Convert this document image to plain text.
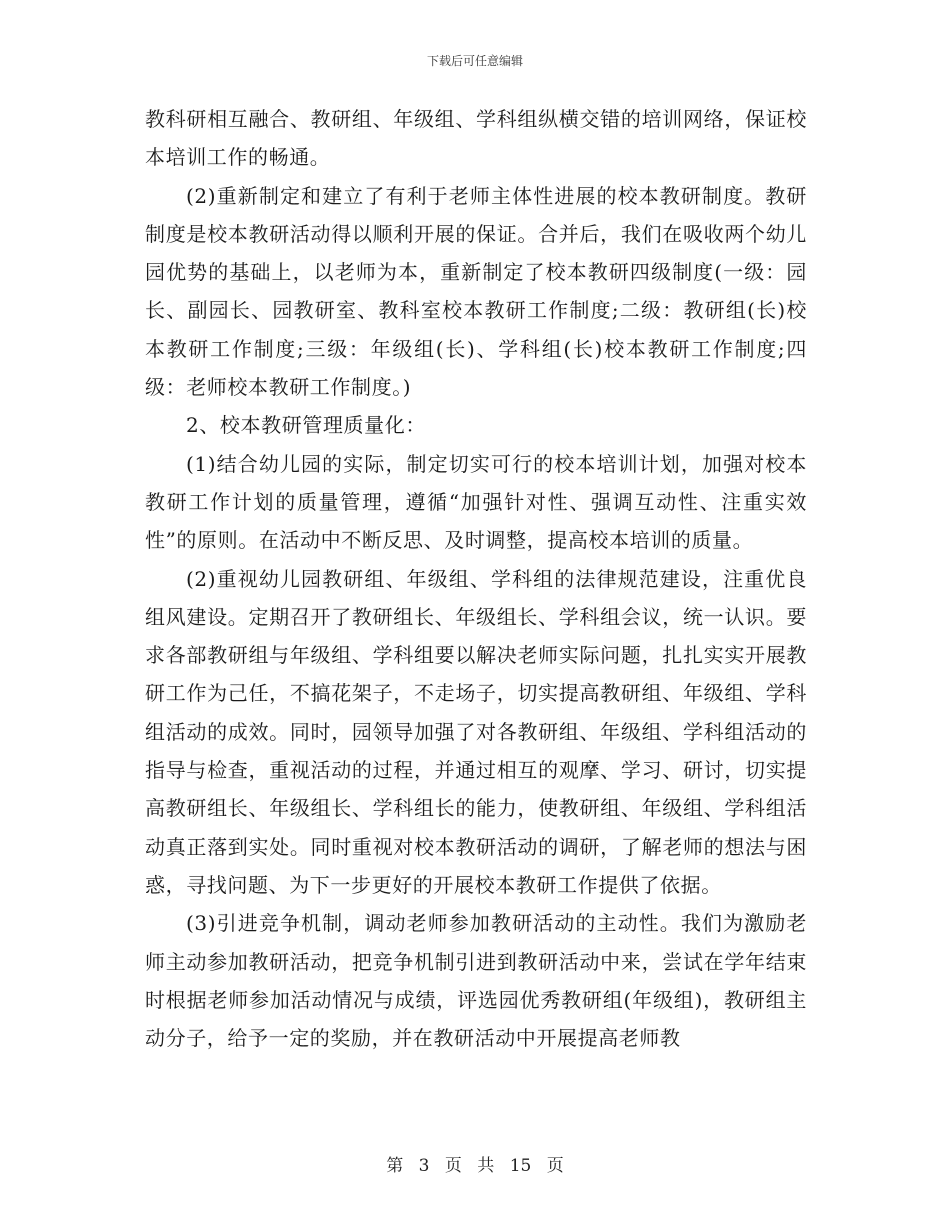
下载后可任意编辑

教科研相互融合、教研组、年级组、学科组纵横交错的培训网络，保证校本培训工作的畅通。

(2)重新制定和建立了有利于老师主体性进展的校本教研制度。教研制度是校本教研活动得以顺利开展的保证。合并后，我们在吸收两个幼儿园优势的基础上，以老师为本，重新制定了校本教研四级制度(一级：园长、副园长、园教研室、教科室校本教研工作制度;二级：教研组(长)校本教研工作制度;三级：年级组(长)、学科组(长)校本教研工作制度;四级：老师校本教研工作制度。)

2、校本教研管理质量化：

(1)结合幼儿园的实际，制定切实可行的校本培训计划，加强对校本教研工作计划的质量管理，遵循“加强针对性、强调互动性、注重实效性”的原则。在活动中不断反思、及时调整，提高校本培训的质量。

(2)重视幼儿园教研组、年级组、学科组的法律规范建设，注重优良组风建设。定期召开了教研组长、年级组长、学科组会议，统一认识。要求各部教研组与年级组、学科组要以解决老师实际问题，扎扎实实开展教研工作为己任，不搞花架子，不走场子，切实提高教研组、年级组、学科组活动的成效。同时，园领导加强了对各教研组、年级组、学科组活动的指导与检查，重视活动的过程，并通过相互的观摩、学习、研讨，切实提高教研组长、年级组长、学科组长的能力，使教研组、年级组、学科组活动真正落到实处。同时重视对校本教研活动的调研，了解老师的想法与困惑，寻找问题、为下一步更好的开展校本教研工作提供了依据。

(3)引进竞争机制，调动老师参加教研活动的主动性。我们为激励老师主动参加教研活动，把竞争机制引进到教研活动中来，尝试在学年结束时根据老师参加活动情况与成绩，评选园优秀教研组(年级组)，教研组主动分子，给予一定的奖励，并在教研活动中开展提高老师教

第 3 页 共 15 页
